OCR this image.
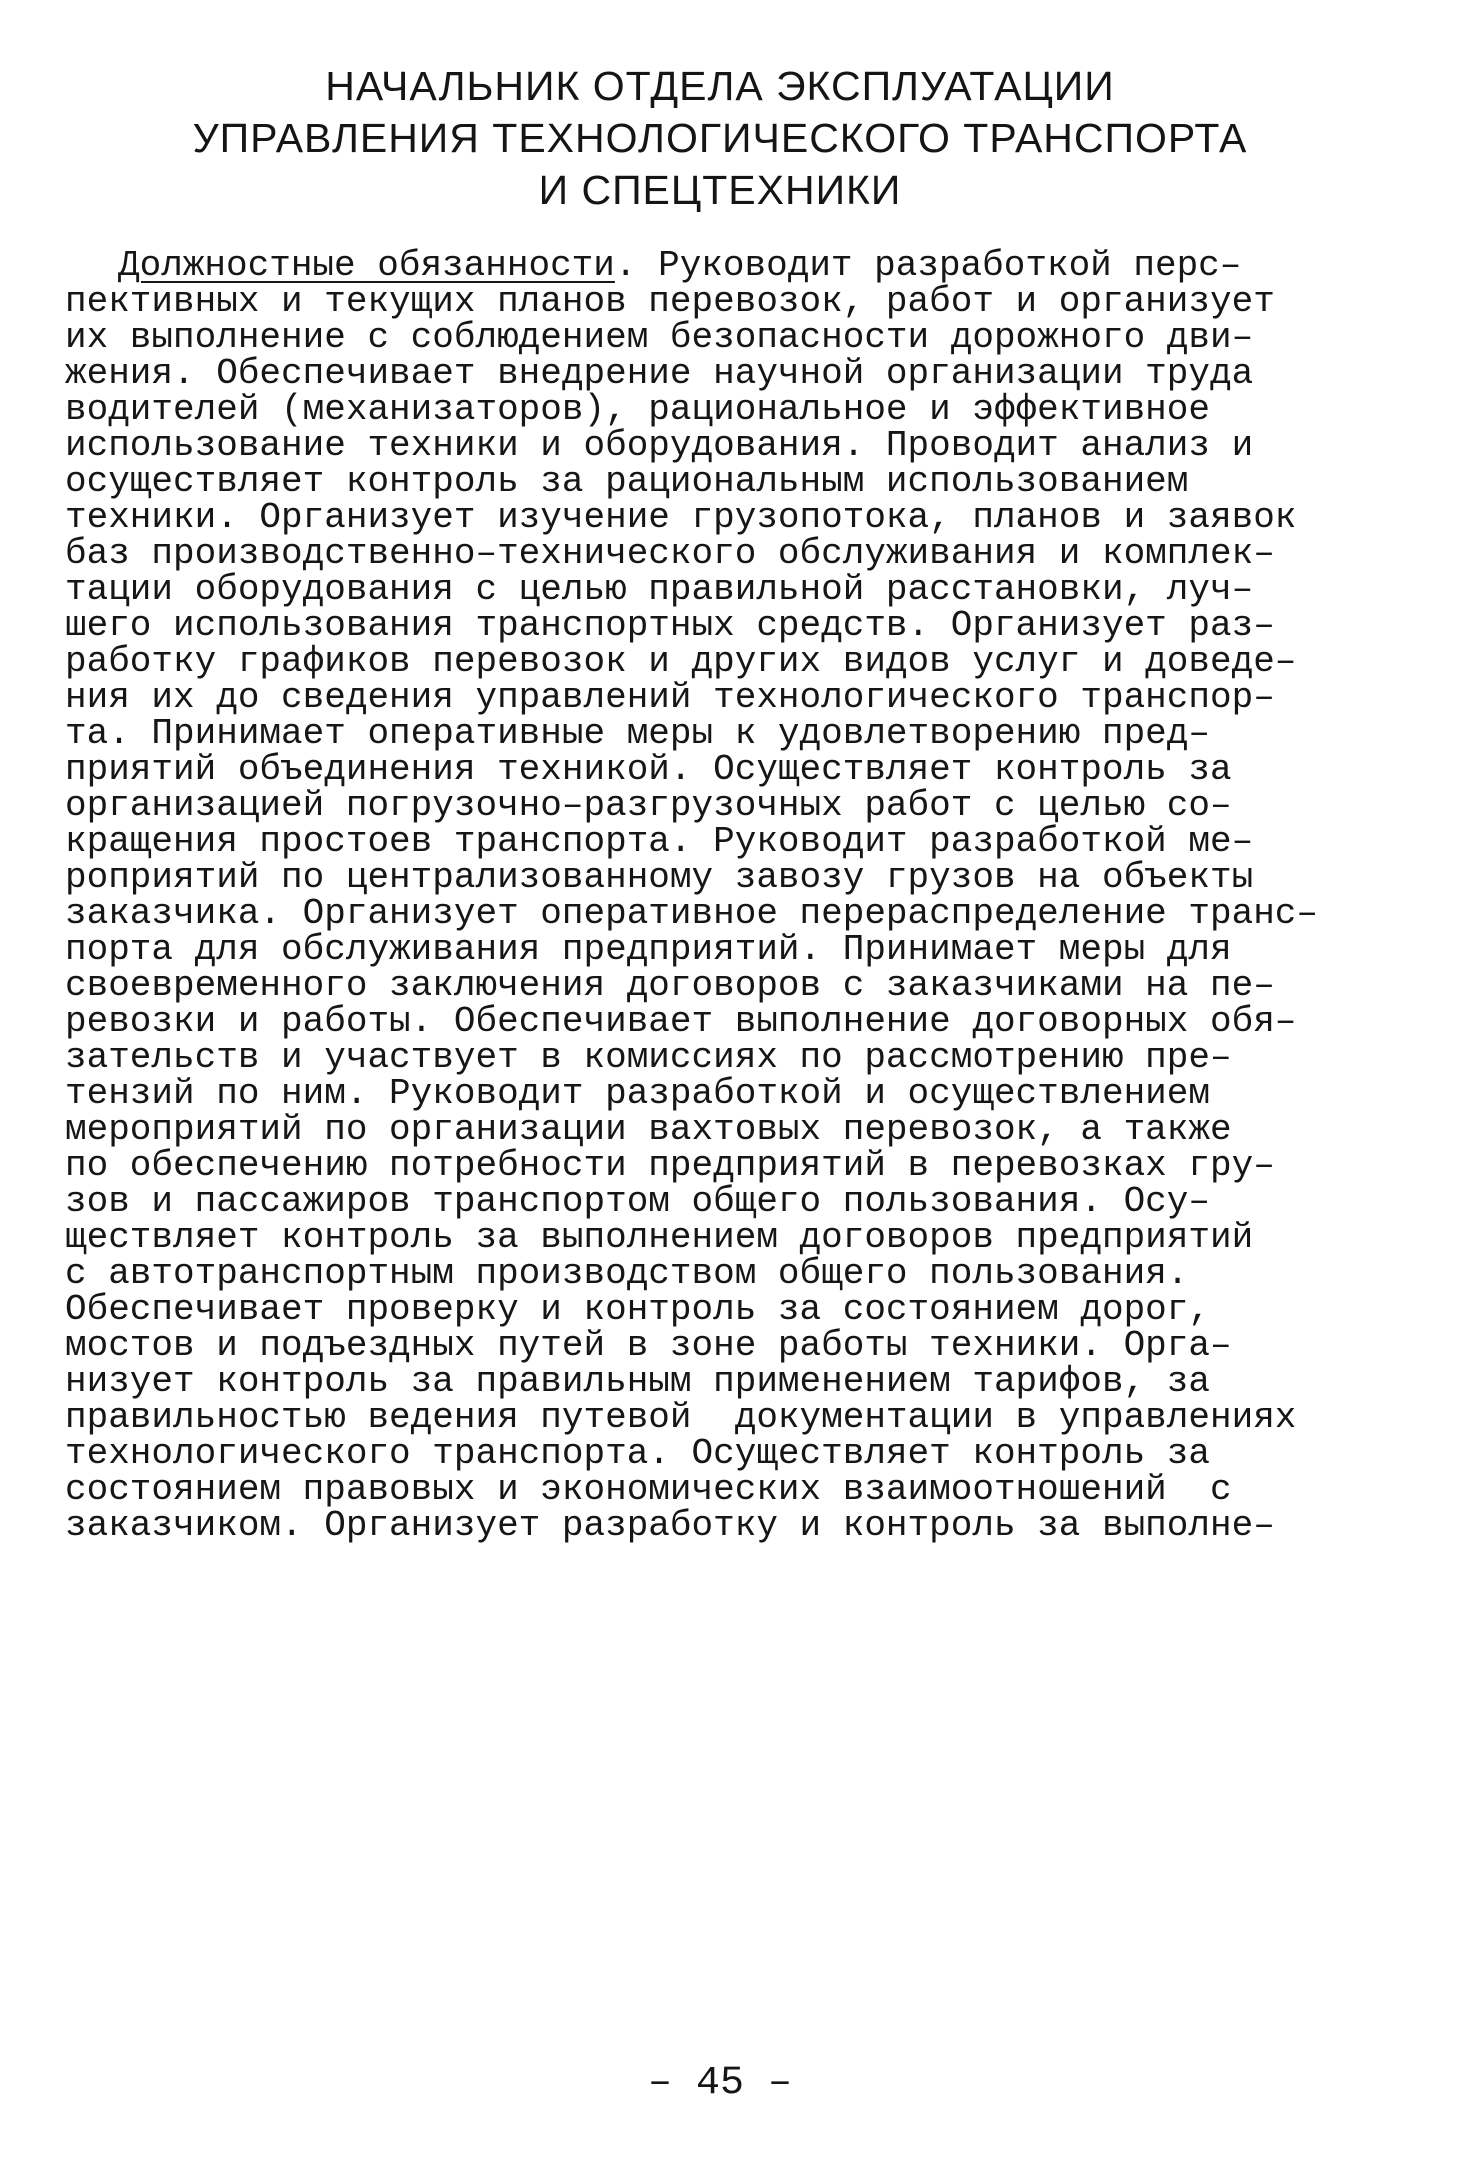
НАЧАЛЬНИК ОТДЕЛА ЭКСПЛУАТАЦИИ
УПРАВЛЕНИЯ ТЕХНОЛОГИЧЕСКОГО ТРАНСПОРТА
И СПЕЦТЕХНИКИ
Должностные обязанности. Руководит разработкой перс–
пективных и текущих планов перевозок, работ и организует
их выполнение с соблюдением безопасности дорожного дви–
жения. Обеспечивает внедрение научной организации труда
водителей (механизаторов), рациональное и эффективное
использование техники и оборудования. Проводит анализ и
осуществляет контроль за рациональным использованием
техники. Организует изучение грузопотока, планов и заявок
баз производственно–технического обслуживания и комплек–
тации оборудования с целью правильной расстановки, луч–
шего использования транспортных средств. Организует раз–
работку графиков перевозок и других видов услуг и доведе–
ния их до сведения управлений технологического транспор–
та. Принимает оперативные меры к удовлетворению пред–
приятий объединения техникой. Осуществляет контроль за
организацией погрузочно–разгрузочных работ с целью со–
кращения простоев транспорта. Руководит разработкой ме–
роприятий по централизованному завозу грузов на объекты
заказчика. Организует оперативное перераспределение транс–
порта для обслуживания предприятий. Принимает меры для
своевременного заключения договоров с заказчиками на пе–
ревозки и работы. Обеспечивает выполнение договорных обя–
зательств и участвует в комиссиях по рассмотрению пре–
тензий по ним. Руководит разработкой и осуществлением
мероприятий по организации вахтовых перевозок, а также
по обеспечению потребности предприятий в перевозках гру–
зов и пассажиров транспортом общего пользования. Осу–
ществляет контроль за выполнением договоров предприятий
с автотранспортным производством общего пользования.
Обеспечивает проверку и контроль за состоянием дорог,
мостов и подъездных путей в зоне работы техники. Орга–
низует контроль за правильным применением тарифов, за
правильностью ведения путевой  документации в управлениях
технологического транспорта. Осуществляет контроль за
состоянием правовых и экономических взаимоотношений  с
заказчиком. Организует разработку и контроль за выполне–
– 45 –
